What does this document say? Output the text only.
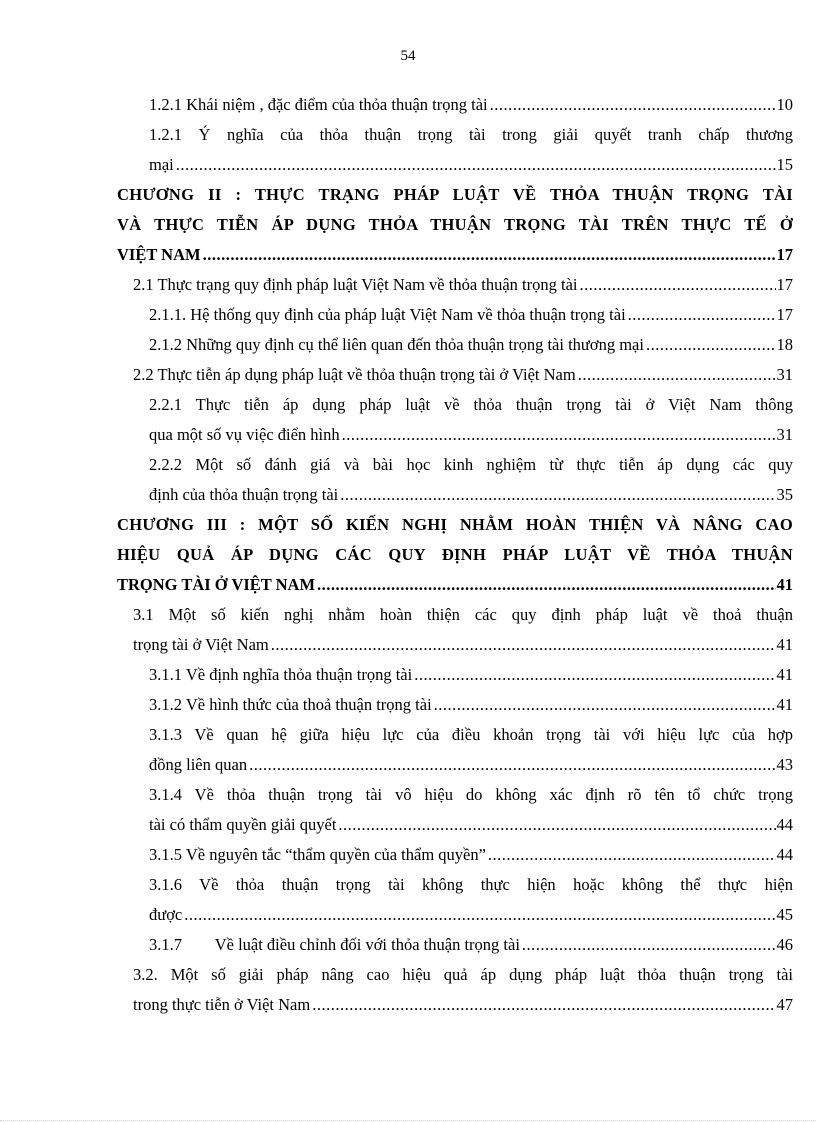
54
1.2.1 Khái niệm , đặc điểm của thỏa thuận trọng tài .....	10
1.2.1 Ý nghĩa của thỏa thuận trọng tài trong giải quyết tranh chấp thương
mại .....	15
CHƯƠNG II : THỰC TRẠNG PHÁP LUẬT VỀ THỎA THUẬN TRỌNG TÀI
VÀ THỰC TIỄN ÁP DỤNG THỎA THUẬN TRỌNG TÀI TRÊN THỰC TẾ Ở
VIỆT NAM .....	17
2.1 Thực trạng quy định pháp luật Việt Nam về thỏa thuận trọng tài .....	17
2.1.1. Hệ thống quy định của pháp luật Việt Nam về thỏa thuận trọng tài .....	17
2.1.2 Những quy định cụ thể liên quan đến thỏa thuận trọng tài thương mại .....	18
2.2 Thực tiễn áp dụng pháp luật về thỏa thuận trọng tài ở Việt Nam .....	31
2.2.1 Thực tiễn áp dụng pháp luật về thỏa thuận trọng tài ở Việt Nam thông
qua một số vụ việc điển hình .....	31
2.2.2 Một số đánh giá và bài học kinh nghiệm từ thực tiễn áp dụng các quy
định của thỏa thuận trọng tài .....	35
CHƯƠNG III : MỘT SỐ KIẾN NGHỊ NHẰM HOÀN THIỆN VÀ NÂNG CAO
HIỆU QUẢ ÁP DỤNG CÁC QUY ĐỊNH PHÁP LUẬT VỀ THỎA THUẬN
TRỌNG TÀI Ở VIỆT NAM .....	41
3.1 Một số kiến nghị nhằm hoàn thiện các quy định pháp luật về thoả thuận
trọng tài ở Việt Nam .....	41
3.1.1 Về định nghĩa thỏa thuận trọng tài .....	41
3.1.2 Về hình thức của thoả thuận trọng tài .....	41
3.1.3 Về quan hệ giữa hiệu lực của điều khoản trọng tài với hiệu lực của hợp
đồng liên quan .....	43
3.1.4 Về thỏa thuận trọng tài vô hiệu do không xác định rõ tên tổ chức trọng
tài có thẩm quyền giải quyết .....	44
3.1.5 Về nguyên tắc “thẩm quyền của thẩm quyền” .....	44
3.1.6 Về thỏa thuận trọng tài không thực hiện hoặc không thể thực hiện
được .....	45
3.1.7        Về luật điều chỉnh đối với thỏa thuận trọng tài .....	46
3.2. Một số giải pháp nâng cao hiệu quả áp dụng pháp luật thỏa thuận trọng tài
trong thực tiễn ở Việt Nam .....	47
